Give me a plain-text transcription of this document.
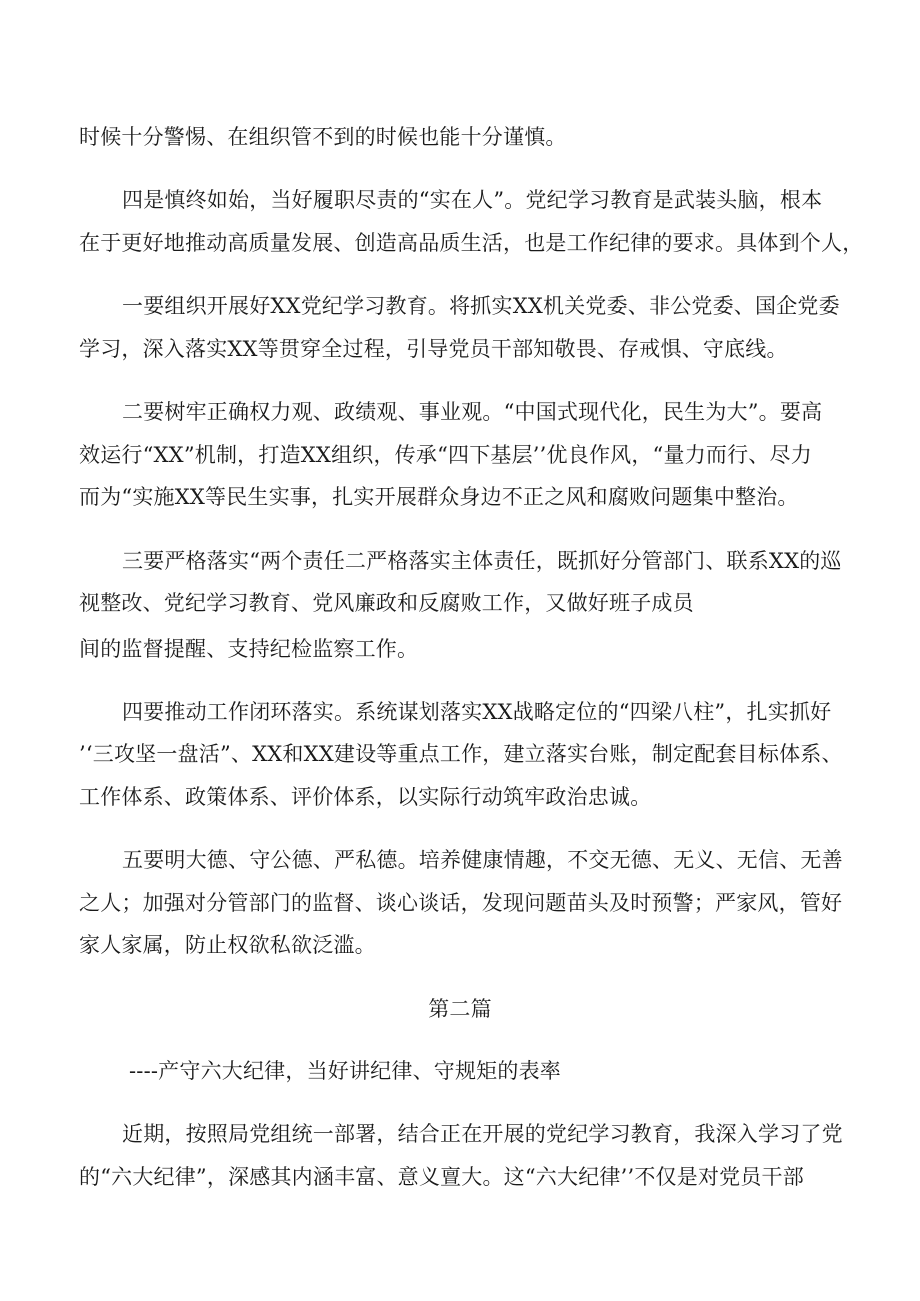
时候十分警惕、在组织管不到的时候也能十分谨慎。
四是慎终如始，当好履职尽责的“实在人”。党纪学习教育是武装头脑，根本
在于更好地推动高质量发展、创造高品质生活，也是工作纪律的要求。具体到个人，
一要组织开展好XX党纪学习教育。将抓实XX机关党委、非公党委、国企党委
学习，深入落实XX等贯穿全过程，引导党员干部知敬畏、存戒惧、守底线。
二要树牢正确权力观、政绩观、事业观。“中国式现代化，民生为大”。要高
效运行“XX”机制，打造XX组织，传承“四下基层’’优良作风，“量力而行、尽力
而为“实施XX等民生实事，扎实开展群众身边不正之风和腐败问题集中整治。
三要严格落实“两个责任二严格落实主体责任，既抓好分管部门、联系XX的巡
视整改、党纪学习教育、党风廉政和反腐败工作，又做好班子成员
间的监督提醒、支持纪检监察工作。
四要推动工作闭环落实。系统谋划落实XX战略定位的“四梁八柱”，扎实抓好
’‘三攻坚一盘活”、XX和XX建设等重点工作，建立落实台账，制定配套目标体系、
工作体系、政策体系、评价体系，以实际行动筑牢政治忠诚。
五要明大德、守公德、严私德。培养健康情趣，不交无德、无义、无信、无善
之人；加强对分管部门的监督、谈心谈话，发现问题苗头及时预警；严家风，管好
家人家属，防止权欲私欲泛滥。
第二篇
----产守六大纪律，当好讲纪律、守规矩的表率
近期，按照局党组统一部署，结合正在开展的党纪学习教育，我深入学习了党
的“六大纪律”，深感其内涵丰富、意义亶大。这“六大纪律’’不仅是对党员干部
